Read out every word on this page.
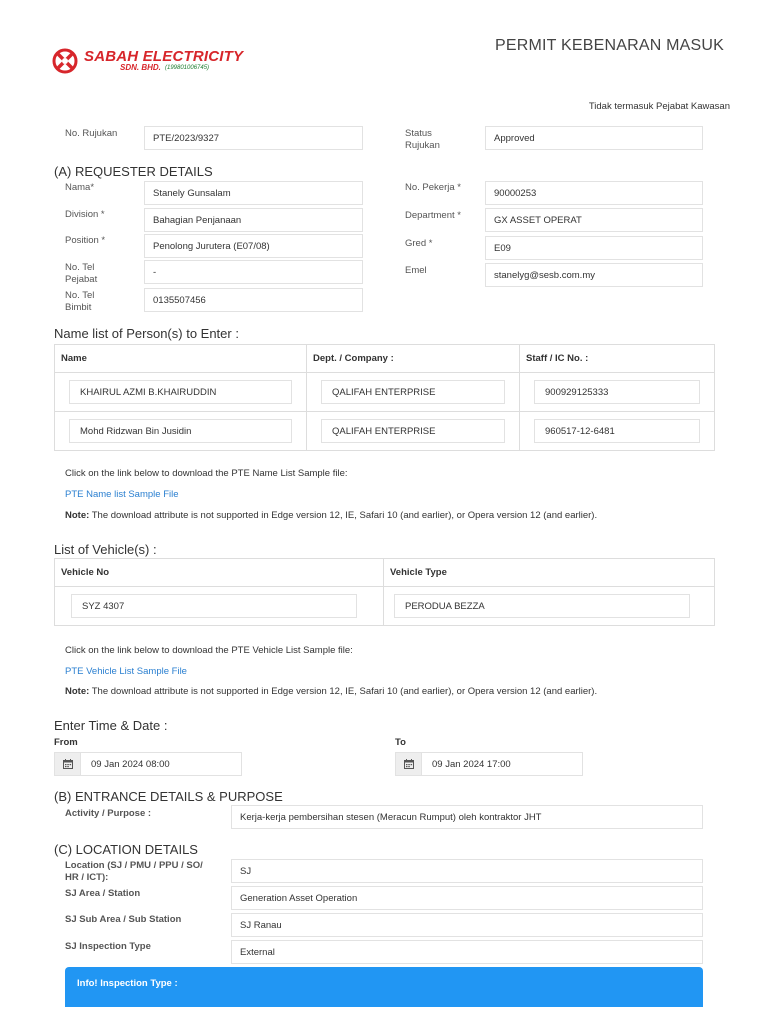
SABAH ELECTRICITY
SDN. BHD. (199801006745)
PERMIT KEBENARAN MASUK
Tidak termasuk Pejabat Kawasan
No. Rujukan	PTE/2023/9327	Status Rujukan
Approved
(A) REQUESTER DETAILS
Nama*	Stanely Gunsalam
Division *	Bahagian Penjanaan
Position *	Penolong Jurutera (E07/08)
No. Tel Pejabat
-
No. Tel Bimbit
0135507456
No. Pekerja *	90000253
Department *	GX ASSET OPERAT
Gred *	E09
Emel	stanelyg@sesb.com.my
Name list of Person(s) to Enter :
Name	Dept. / Company :	Staff / IC No. :

KHAIRUL AZMI B.KHAIRUDDIN	QALIFAH ENTERPRISE	900929125333

Mohd Ridzwan Bin Jusidin	QALIFAH ENTERPRISE	960517-12-6481
Click on the link below to download the PTE Name List Sample file:
PTE Name list Sample File
Note: The download attribute is not supported in Edge version 12, IE, Safari 10 (and earlier), or Opera version 12 (and earlier).
List of Vehicle(s) :
Vehicle No	Vehicle Type

SYZ 4307	PERODUA BEZZA
Click on the link below to download the PTE Vehicle List Sample file:
PTE Vehicle List Sample File
Note: The download attribute is not supported in Edge version 12, IE, Safari 10 (and earlier), or Opera version 12 (and earlier).
Enter Time & Date :
From
09 Jan 2024 08:00
To
09 Jan 2024 17:00
(B) ENTRANCE DETAILS & PURPOSE
Activity / Purpose :	Kerja-kerja pembersihan stesen (Meracun Rumput) oleh kontraktor JHT
(C) LOCATION DETAILS
Location (SJ / PMU / PPU / SO/ HR / ICT):
SJ
SJ Area / Station	Generation Asset Operation
SJ Sub Area / Sub Station	SJ Ranau
SJ Inspection Type	External
Info! Inspection Type :
